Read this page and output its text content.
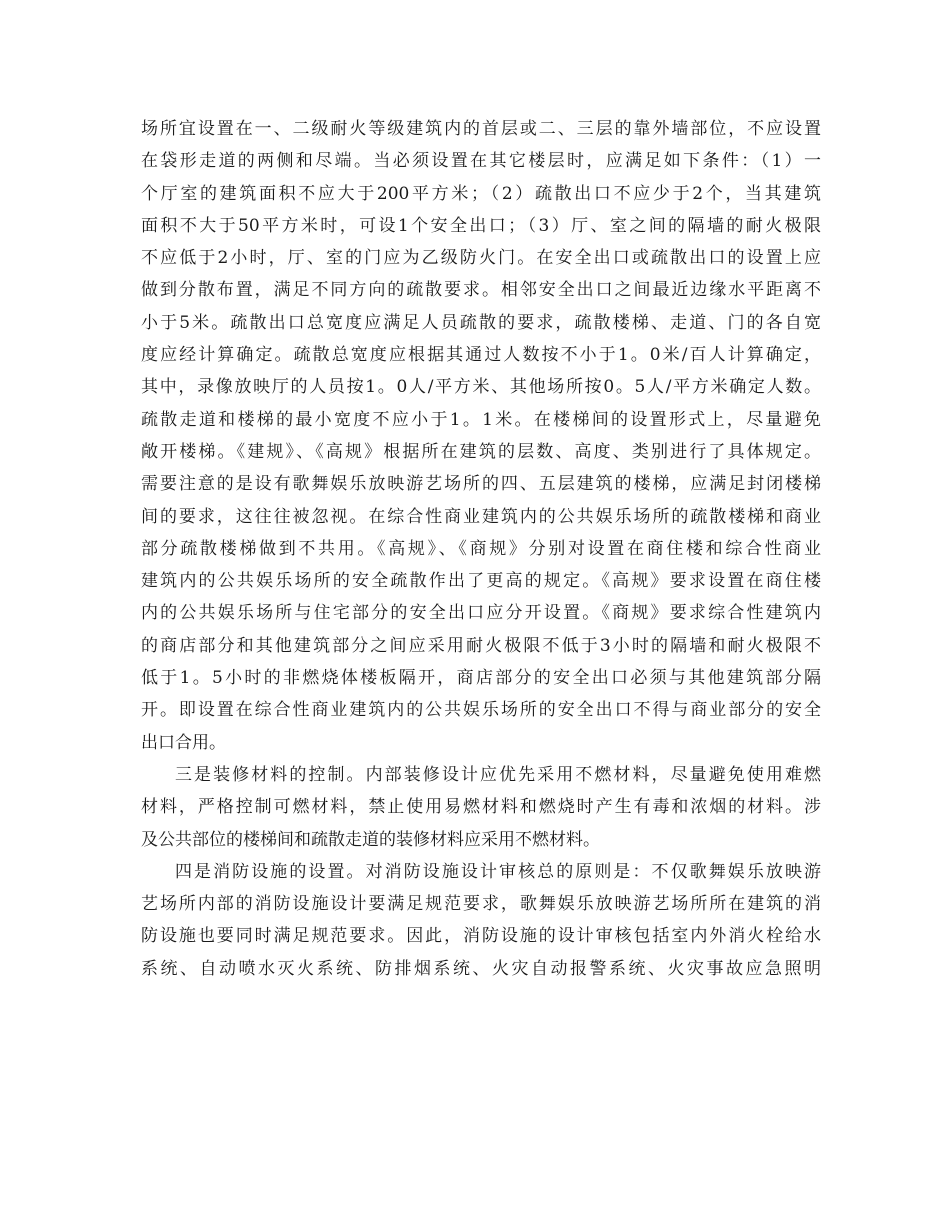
场所宜设置在一、二级耐火等级建筑内的首层或二、三层的靠外墙部位，不应设置
在袋形走道的两侧和尽端。当必须设置在其它楼层时，应满足如下条件：（1）一
个厅室的建筑面积不应大于200平方米；（2）疏散出口不应少于2个，当其建筑
面积不大于50平方米时，可设1个安全出口；（3）厅、室之间的隔墙的耐火极限
不应低于2小时，厅、室的门应为乙级防火门。在安全出口或疏散出口的设置上应
做到分散布置，满足不同方向的疏散要求。相邻安全出口之间最近边缘水平距离不
小于5米。疏散出口总宽度应满足人员疏散的要求，疏散楼梯、走道、门的各自宽
度应经计算确定。疏散总宽度应根据其通过人数按不小于1。0米/百人计算确定，
其中，录像放映厅的人员按1。0人/平方米、其他场所按0。5人/平方米确定人数。
疏散走道和楼梯的最小宽度不应小于1。1米。在楼梯间的设置形式上，尽量避免
敞开楼梯。《建规》、《高规》根据所在建筑的层数、高度、类别进行了具体规定。
需要注意的是设有歌舞娱乐放映游艺场所的四、五层建筑的楼梯，应满足封闭楼梯
间的要求，这往往被忽视。在综合性商业建筑内的公共娱乐场所的疏散楼梯和商业
部分疏散楼梯做到不共用。《高规》、《商规》分别对设置在商住楼和综合性商业
建筑内的公共娱乐场所的安全疏散作出了更高的规定。《高规》要求设置在商住楼
内的公共娱乐场所与住宅部分的安全出口应分开设置。《商规》要求综合性建筑内
的商店部分和其他建筑部分之间应采用耐火极限不低于3小时的隔墙和耐火极限不
低于1。5小时的非燃烧体楼板隔开，商店部分的安全出口必须与其他建筑部分隔
开。即设置在综合性商业建筑内的公共娱乐场所的安全出口不得与商业部分的安全
出口合用。
三是装修材料的控制。内部装修设计应优先采用不燃材料，尽量避免使用难燃
材料，严格控制可燃材料，禁止使用易燃材料和燃烧时产生有毒和浓烟的材料。涉
及公共部位的楼梯间和疏散走道的装修材料应采用不燃材料。
四是消防设施的设置。对消防设施设计审核总的原则是：不仅歌舞娱乐放映游
艺场所内部的消防设施设计要满足规范要求，歌舞娱乐放映游艺场所所在建筑的消
防设施也要同时满足规范要求。因此，消防设施的设计审核包括室内外消火栓给水
系统、自动喷水灭火系统、防排烟系统、火灾自动报警系统、火灾事故应急照明
